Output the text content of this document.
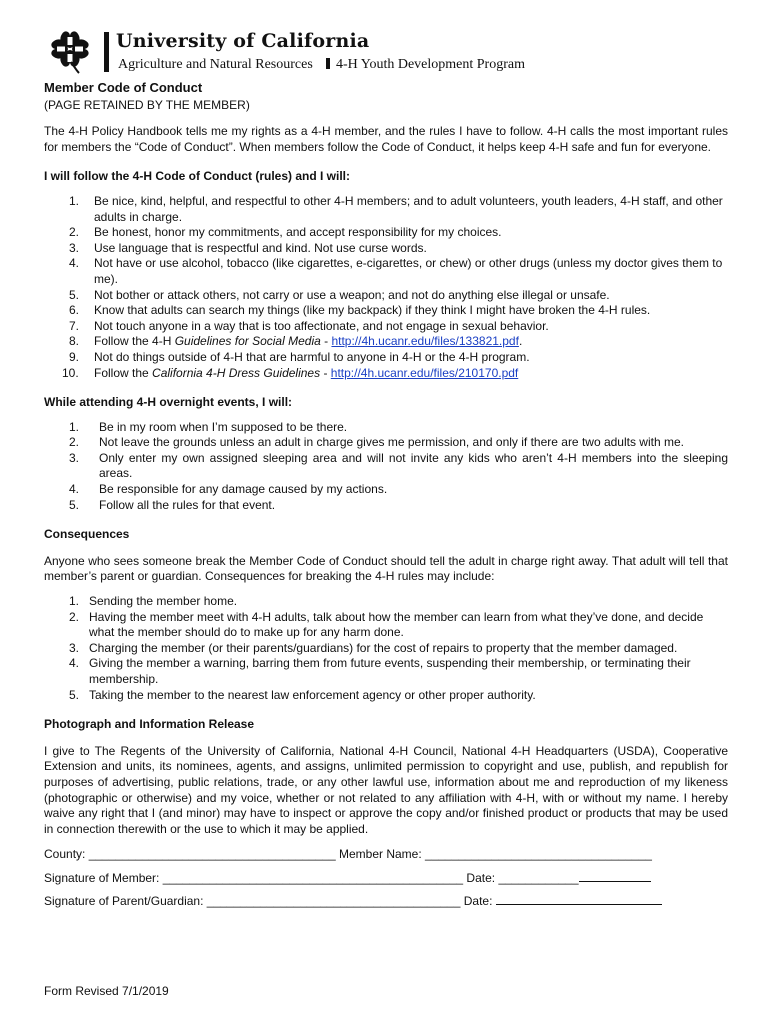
University of California
Agriculture and Natural Resources	4-H Youth Development Program

Member Code of Conduct

(PAGE RETAINED BY THE MEMBER)

The 4-H Policy Handbook tells me my rights as a 4-H member, and the rules I have to follow. 4-H calls the most important rules for members the “Code of Conduct”. When members follow the Code of Conduct, it helps keep 4-H safe and fun for everyone.

I will follow the 4-H Code of Conduct (rules) and I will:

1. Be nice, kind, helpful, and respectful to other 4-H members; and to adult volunteers, youth leaders, 4-H staff, and other adults in charge.
2. Be honest, honor my commitments, and accept responsibility for my choices.
3. Use language that is respectful and kind. Not use curse words.
4. Not have or use alcohol, tobacco (like cigarettes, e-cigarettes, or chew) or other drugs (unless my doctor gives them to me).
5. Not bother or attack others, not carry or use a weapon; and not do anything else illegal or unsafe.
6. Know that adults can search my things (like my backpack) if they think I might have broken the 4-H rules.
7. Not touch anyone in a way that is too affectionate, and not engage in sexual behavior.
8. Follow the 4-H Guidelines for Social Media - http://4h.ucanr.edu/files/133821.pdf.
9. Not do things outside of 4-H that are harmful to anyone in 4-H or the 4-H program.
10. Follow the California 4-H Dress Guidelines - http://4h.ucanr.edu/files/210170.pdf

While attending 4-H overnight events, I will:

1. Be in my room when I’m supposed to be there.
2. Not leave the grounds unless an adult in charge gives me permission, and only if there are two adults with me.
3. Only enter my own assigned sleeping area and will not invite any kids who aren’t 4-H members into the sleeping areas.
4. Be responsible for any damage caused by my actions.
5. Follow all the rules for that event.

Consequences

Anyone who sees someone break the Member Code of Conduct should tell the adult in charge right away. That adult will tell that member’s parent or guardian. Consequences for breaking the 4-H rules may include:

1. Sending the member home.
2. Having the member meet with 4-H adults, talk about how the member can learn from what they’ve done, and decide what the member should do to make up for any harm done.
3. Charging the member (or their parents/guardians) for the cost of repairs to property that the member damaged.
4. Giving the member a warning, barring them from future events, suspending their membership, or terminating their membership.
5. Taking the member to the nearest law enforcement agency or other proper authority.

Photograph and Information Release

I give to The Regents of the University of California, National 4-H Council, National 4-H Headquarters (USDA), Cooperative Extension and units, its nominees, agents, and assigns, unlimited permission to copyright and use, publish, and republish for purposes of advertising, public relations, trade, or any other lawful use, information about me and reproduction of my likeness (photographic or otherwise) and my voice, whether or not related to any affiliation with 4-H, with or without my name. I hereby waive any right that I (and minor) may have to inspect or approve the copy and/or finished product or products that may be used in connection therewith or the use to which it may be applied.

County: _____________________________________ Member Name: __________________________________
Signature of Member: _____________________________________________ Date: ____________
Signature of Parent/Guardian: ______________________________________ Date:
Form Revised 7/1/2019
